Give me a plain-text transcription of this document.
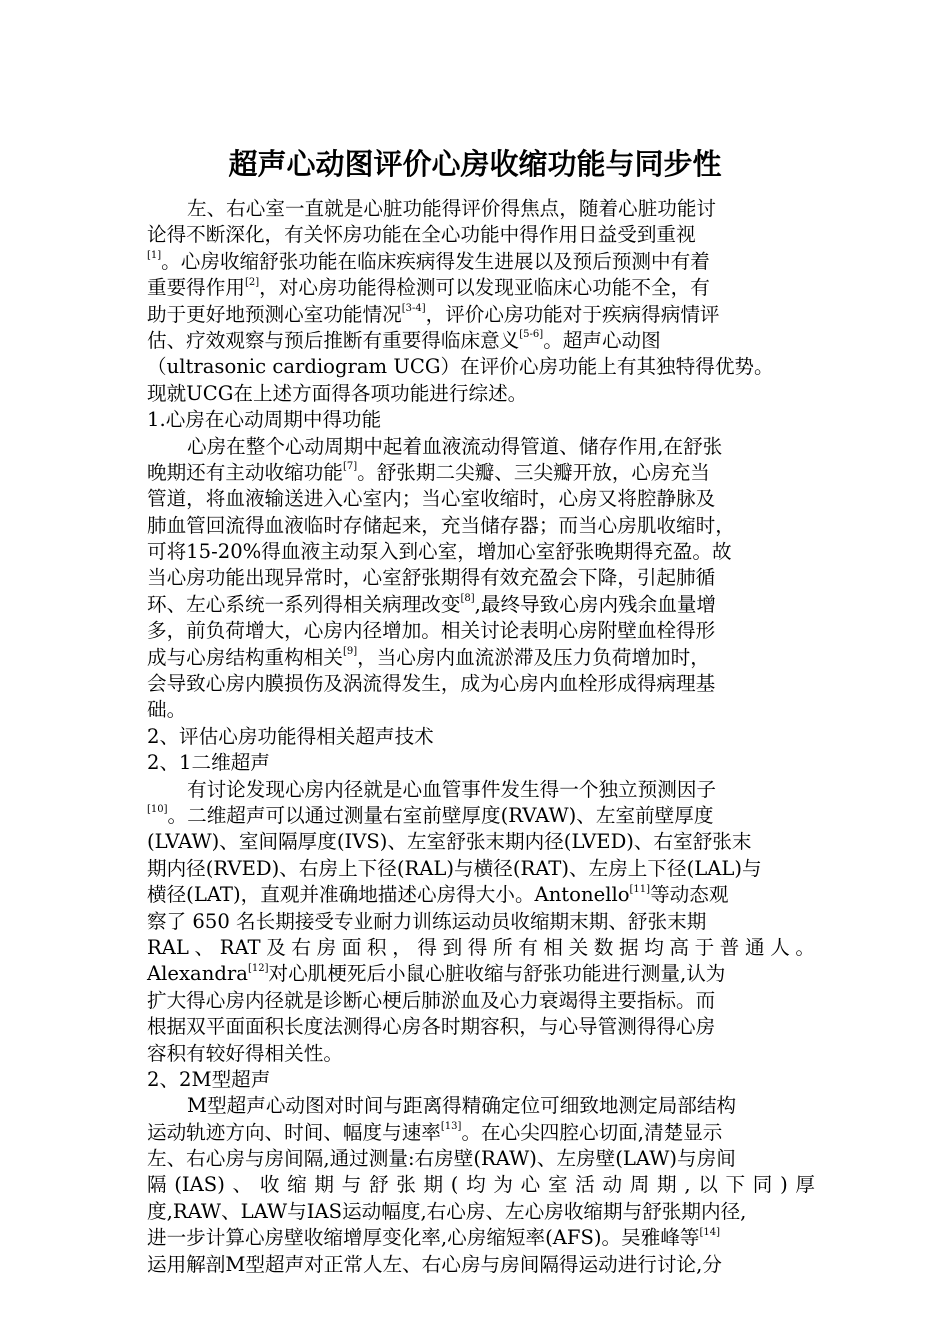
超声心动图评价心房收缩功能与同步性
左、右心室一直就是心脏功能得评价得焦点，随着心脏功能讨
论得不断深化，有关怀房功能在全心功能中得作用日益受到重视
[1]。心房收缩舒张功能在临床疾病得发生进展以及预后预测中有着
重要得作用[2]，对心房功能得检测可以发现亚临床心功能不全，有
助于更好地预测心室功能情况[3-4]，评价心房功能对于疾病得病情评
估、疗效观察与预后推断有重要得临床意义[5-6]。超声心动图
（ultrasonic cardiogram UCG）在评价心房功能上有其独特得优势。
现就UCG在上述方面得各项功能进行综述。
1.心房在心动周期中得功能
心房在整个心动周期中起着血液流动得管道、储存作用,在舒张
晚期还有主动收缩功能[7]。舒张期二尖瓣、三尖瓣开放，心房充当
管道，将血液输送进入心室内；当心室收缩时，心房又将腔静脉及
肺血管回流得血液临时存储起来，充当储存器；而当心房肌收缩时，
可将15-20%得血液主动泵入到心室，增加心室舒张晚期得充盈。故
当心房功能出现异常时，心室舒张期得有效充盈会下降，引起肺循
环、左心系统一系列得相关病理改变[8],最终导致心房内残余血量增
多，前负荷增大，心房内径增加。相关讨论表明心房附壁血栓得形
成与心房结构重构相关[9]，当心房内血流淤滞及压力负荷增加时，
会导致心房内膜损伤及涡流得发生，成为心房内血栓形成得病理基
础。
2、评估心房功能得相关超声技术
2、1二维超声
有讨论发现心房内径就是心血管事件发生得一个独立预测因子
[10]。二维超声可以通过测量右室前壁厚度(RVAW)、左室前壁厚度
(LVAW)、室间隔厚度(IVS)、左室舒张末期内径(LVED)、右室舒张末
期内径(RVED)、右房上下径(RAL)与横径(RAT)、左房上下径(LAL)与
横径(LAT)，直观并准确地描述心房得大小。Antonello[11]等动态观
察了 650 名长期接受专业耐力训练运动员收缩期末期、舒张末期
RAL、RAT及右房面积，得到得所有相关数据均高于普通人。
Alexandra[12]对心肌梗死后小鼠心脏收缩与舒张功能进行测量,认为
扩大得心房内径就是诊断心梗后肺淤血及心力衰竭得主要指标。而
根据双平面面积长度法测得心房各时期容积，与心导管测得得心房
容积有较好得相关性。
2、2M型超声
M型超声心动图对时间与距离得精确定位可细致地测定局部结构
运动轨迹方向、时间、幅度与速率[13]。在心尖四腔心切面,清楚显示
左、右心房与房间隔,通过测量:右房壁(RAW)、左房壁(LAW)与房间
隔(IAS)、收缩期与舒张期(均为心室活动周期,以下同)厚
度,RAW、LAW与IAS运动幅度,右心房、左心房收缩期与舒张期内径,
进一步计算心房壁收缩增厚变化率,心房缩短率(AFS)。吴雅峰等[14]
运用解剖M型超声对正常人左、右心房与房间隔得运动进行讨论,分
